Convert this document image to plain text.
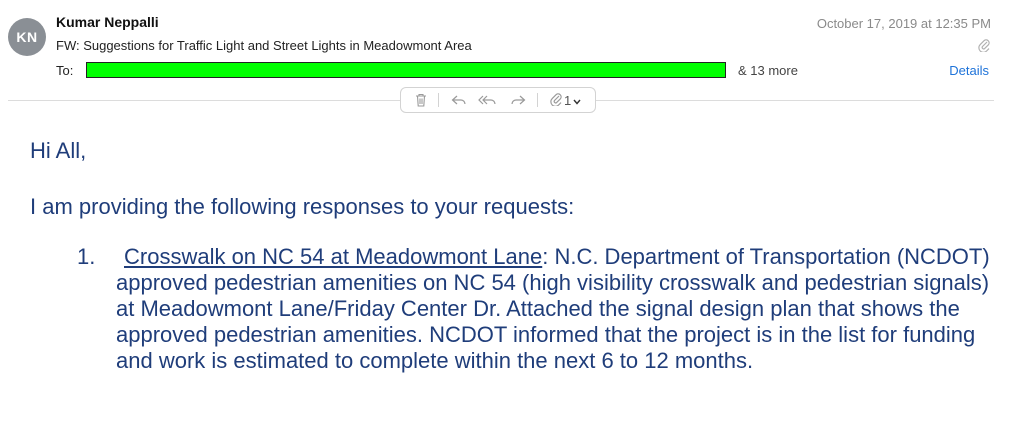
KN
Kumar Neppalli
FW: Suggestions for Traffic Light and Street Lights in Meadowmont Area
To:	& 13 more
October 17, 2019 at 12:35 PM
Details
1

Hi All,

I am providing the following responses to your requests:

1. Crosswalk on NC 54 at Meadowmont Lane: N.C. Department of Transportation (NCDOT) approved pedestrian amenities on NC 54 (high visibility crosswalk and pedestrian signals) at Meadowmont Lane/Friday Center Dr. Attached the signal design plan that shows the approved pedestrian amenities. NCDOT informed that the project is in the list for funding and work is estimated to complete within the next 6 to 12 months.
